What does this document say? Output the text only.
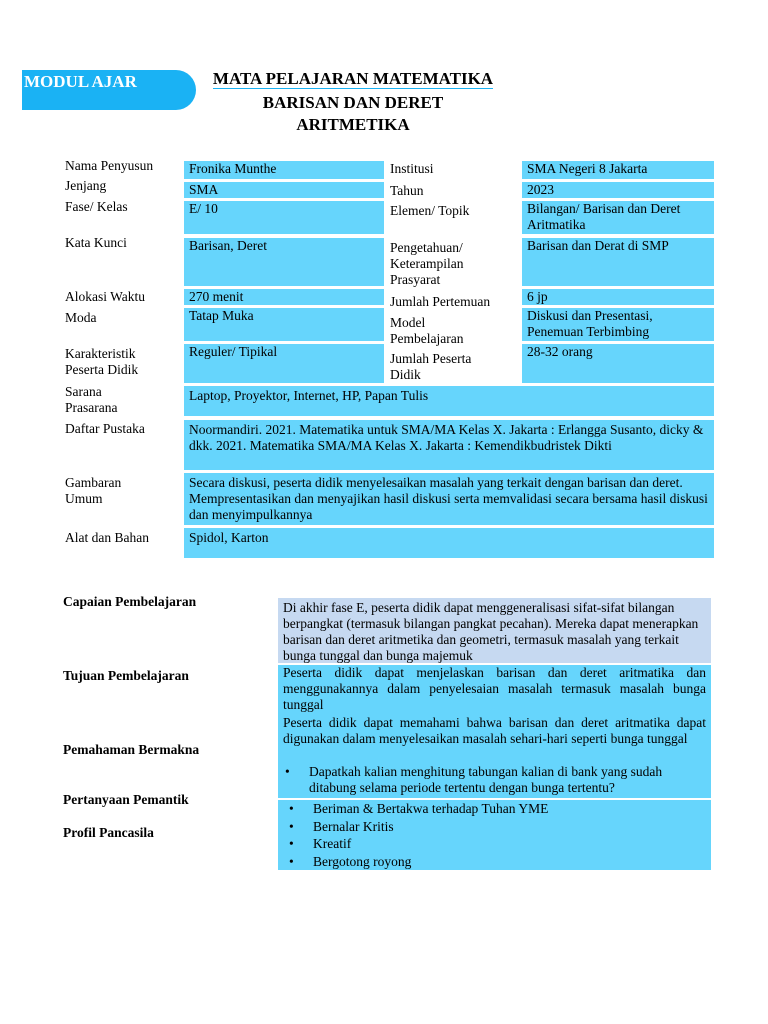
MODUL AJAR	MATA PELAJARAN MATEMATIKA
BARISAN DAN DERET
ARITMETIKA
Nama Penyusun
Jenjang
Fase/ Kelas
Kata Kunci
Alokasi Waktu
Moda
Karakteristik Peserta Didik
Sarana Prasarana
Daftar Pustaka
Gambaran Umum
Alat dan Bahan
Fronika Munthe
SMA
E/ 10
Barisan, Deret
270 menit
Tatap Muka
Reguler/ Tipikal
Institusi
Tahun
Elemen/ Topik
Pengetahuan/ Keterampilan Prasyarat
Jumlah Pertemuan
Model Pembelajaran
Jumlah Peserta Didik
SMA Negeri 8 Jakarta
2023
Bilangan/ Barisan dan Deret Aritmatika
Barisan dan Derat di SMP
6 jp
Diskusi dan Presentasi, Penemuan Terbimbing
28-32 orang
Laptop, Proyektor, Internet, HP, Papan Tulis
Noormandiri. 2021. Matematika untuk SMA/MA Kelas X. Jakarta : Erlangga Susanto, dicky & dkk. 2021. Matematika SMA/MA Kelas X. Jakarta : Kemendikbudristek Dikti
Secara diskusi, peserta didik menyelesaikan masalah yang terkait dengan barisan dan deret. Mempresentasikan dan menyajikan hasil diskusi serta memvalidasi secara bersama hasil diskusi dan menyimpulkannya
Spidol, Karton
Capaian Pembelajaran
Tujuan Pembelajaran
Pemahaman Bermakna
Pertanyaan Pemantik
Profil Pancasila
Di akhir fase E, peserta didik dapat menggeneralisasi sifat-sifat bilangan berpangkat (termasuk bilangan pangkat pecahan). Mereka dapat menerapkan barisan dan deret aritmetika dan geometri, termasuk masalah yang terkait bunga tunggal dan bunga majemuk
Peserta didik dapat menjelaskan barisan dan deret aritmatika dan menggunakannya dalam penyelesaian masalah termasuk masalah bunga tunggal
Peserta didik dapat memahami bahwa barisan dan deret aritmatika dapat digunakan dalam menyelesaikan masalah sehari-hari seperti bunga tunggal
• Dapatkah kalian menghitung tabungan kalian di bank yang sudah ditabung selama periode tertentu dengan bunga tertentu?
• Beriman & Bertakwa terhadap Tuhan YME
• Bernalar Kritis
• Kreatif
• Bergotong royong
